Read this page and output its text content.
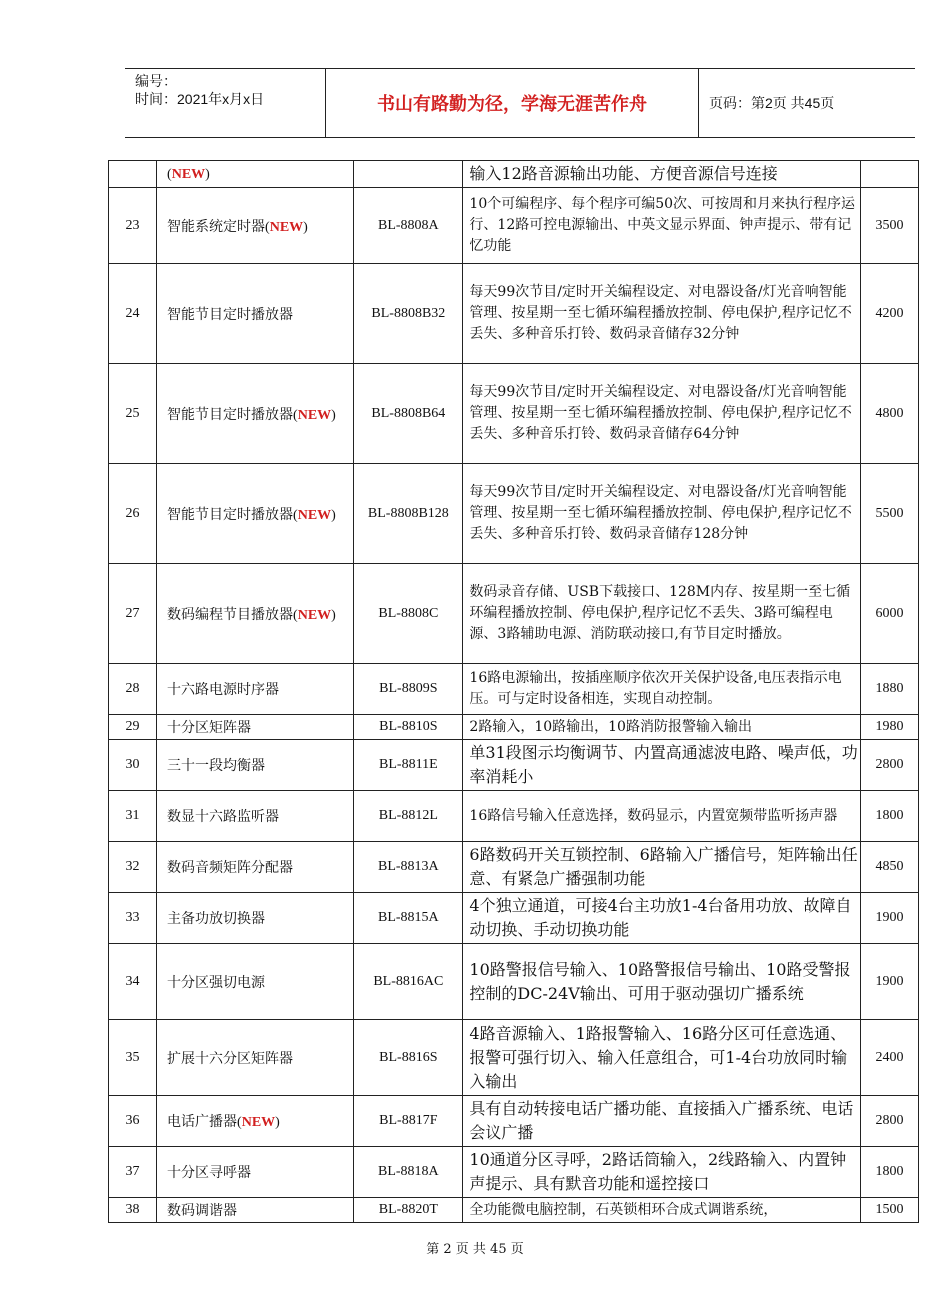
编号：
时间：2021年x月x日	书山有路勤为径，学海无涯苦作舟	页码：第2页 共45页
	(NEW)		输入12路音源输出功能、方便音源信号连接	
23	智能系统定时器(NEW)	BL-8808A	10个可编程序、每个程序可编50次、可按周和月来执行程序运行、12路可控电源输出、中英文显示界面、钟声提示、带有记忆功能	3500
24	智能节目定时播放器	BL-8808B32	每天99次节目/定时开关编程设定、对电器设备/灯光音响智能管理、按星期一至七循环编程播放控制、停电保护,程序记忆不丢失、多种音乐打铃、数码录音储存32分钟	4200
25	智能节目定时播放器(NEW)	BL-8808B64	每天99次节目/定时开关编程设定、对电器设备/灯光音响智能管理、按星期一至七循环编程播放控制、停电保护,程序记忆不丢失、多种音乐打铃、数码录音储存64分钟	4800
26	智能节目定时播放器(NEW)	BL-8808B128	每天99次节目/定时开关编程设定、对电器设备/灯光音响智能管理、按星期一至七循环编程播放控制、停电保护,程序记忆不丢失、多种音乐打铃、数码录音储存128分钟	5500
27	数码编程节目播放器(NEW)	BL-8808C	数码录音存储、USB下载接口、128M内存、按星期一至七循环编程播放控制、停电保护,程序记忆不丢失、3路可编程电源、3路辅助电源、消防联动接口,有节目定时播放。	6000
28	十六路电源时序器	BL-8809S	16路电源输出，按插座顺序依次开关保护设备,电压表指示电压。可与定时设备相连，实现自动控制。	1880
29	十分区矩阵器	BL-8810S	2路输入，10路输出，10路消防报警输入输出	1980
30	三十一段均衡器	BL-8811E	单31段图示均衡调节、内置高通滤波电路、噪声低，功率消耗小	2800
31	数显十六路监听器	BL-8812L	16路信号输入任意选择，数码显示，内置宽频带监听扬声器	1800
32	数码音频矩阵分配器	BL-8813A	6路数码开关互锁控制、6路输入广播信号，矩阵输出任意、有紧急广播强制功能	4850
33	主备功放切换器	BL-8815A	4个独立通道，可接4台主功放1-4台备用功放、故障自动切换、手动切换功能	1900
34	十分区强切电源	BL-8816AC	10路警报信号输入、10路警报信号输出、10路受警报控制的DC-24V输出、可用于驱动强切广播系统	1900
35	扩展十六分区矩阵器	BL-8816S	4路音源输入、1路报警输入、16路分区可任意选通、报警可强行切入、输入任意组合，可1-4台功放同时输入输出	2400
36	电话广播器(NEW)	BL-8817F	具有自动转接电话广播功能、直接插入广播系统、电话会议广播	2800
37	十分区寻呼器	BL-8818A	10通道分区寻呼，2路话筒输入，2线路输入、内置钟声提示、具有默音功能和遥控接口	1800
38	数码调谐器	BL-8820T	全功能微电脑控制，石英锁相环合成式调谐系统，	1500
第 2 页 共 45 页
